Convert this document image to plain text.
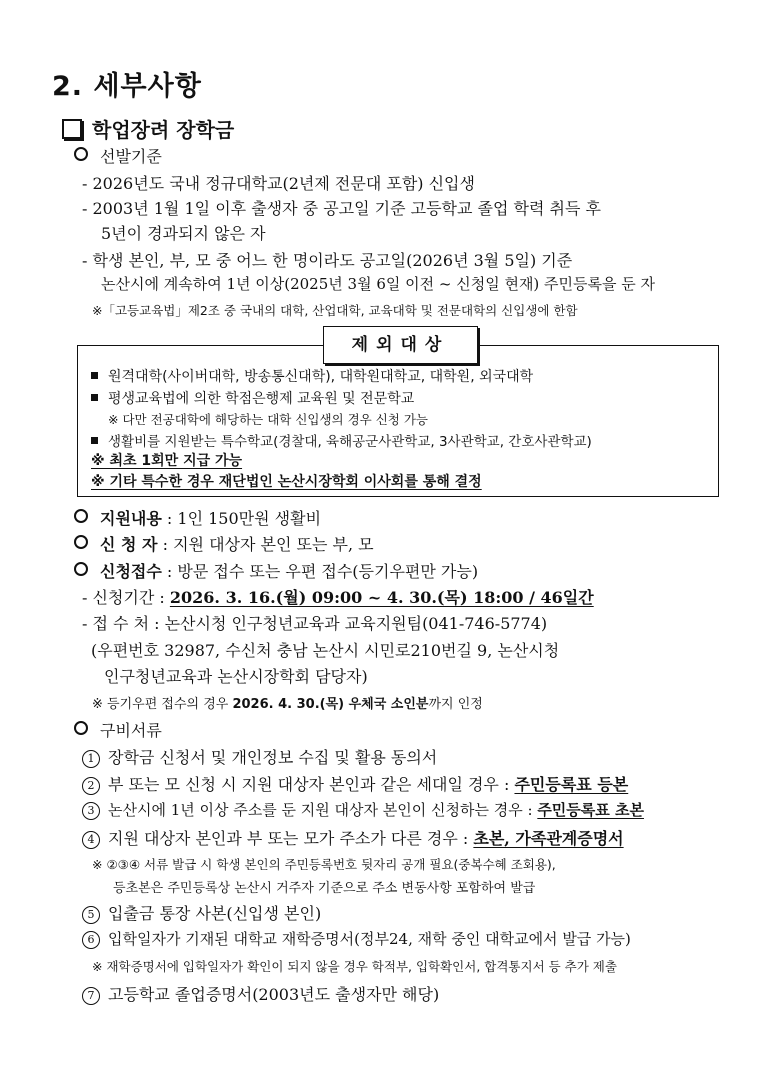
2. 세부사항
학업장려 장학금
선발기준
- 2026년도 국내 정규대학교(2년제 전문대 포함) 신입생
- 2003년 1월 1일 이후 출생자 중 공고일 기준 고등학교 졸업 학력 취득 후
5년이 경과되지 않은 자
- 학생 본인, 부, 모 중 어느 한 명이라도 공고일(2026년 3월 5일) 기준
논산시에 계속하여 1년 이상(2025년 3월 6일 이전 ~ 신청일 현재) 주민등록을 둔 자
※「고등교육법」제2조 중 국내의 대학, 산업대학, 교육대학 및 전문대학의 신입생에 한함
제외대상
원격대학(사이버대학, 방송통신대학), 대학원대학교, 대학원, 외국대학
평생교육법에 의한 학점은행제 교육원 및 전문학교
※ 다만 전공대학에 해당하는 대학 신입생의 경우 신청 가능
생활비를 지원받는 특수학교(경찰대, 육해공군사관학교, 3사관학교, 간호사관학교)
※ 최초 1회만 지급 가능
※ 기타 특수한 경우 재단법인 논산시장학회 이사회를 통해 결정
지원내용 : 1인 150만원 생활비
신 청 자 : 지원 대상자 본인 또는 부, 모
신청접수 : 방문 접수 또는 우편 접수(등기우편만 가능)
- 신청기간 : 2026. 3. 16.(월) 09:00 ~ 4. 30.(목) 18:00 / 46일간
- 접 수 처 : 논산시청 인구청년교육과 교육지원팀(041-746-5774)
(우편번호 32987, 수신처 충남 논산시 시민로210번길 9, 논산시청
인구청년교육과 논산시장학회 담당자)
※ 등기우편 접수의 경우 2026. 4. 30.(목) 우체국 소인분까지 인정
구비서류
1 장학금 신청서 및 개인정보 수집 및 활용 동의서
2 부 또는 모 신청 시 지원 대상자 본인과 같은 세대일 경우 : 주민등록표 등본
3 논산시에 1년 이상 주소를 둔 지원 대상자 본인이 신청하는 경우 : 주민등록표 초본
4 지원 대상자 본인과 부 또는 모가 주소가 다른 경우 : 초본, 가족관계증명서
※ ②③④ 서류 발급 시 학생 본인의 주민등록번호 뒷자리 공개 필요(중복수혜 조회용),
등초본은 주민등록상 논산시 거주자 기준으로 주소 변동사항 포함하여 발급
5 입출금 통장 사본(신입생 본인)
6 입학일자가 기재된 대학교 재학증명서(정부24, 재학 중인 대학교에서 발급 가능)
※ 재학증명서에 입학일자가 확인이 되지 않을 경우 학적부, 입학확인서, 합격통지서 등 추가 제출
7 고등학교 졸업증명서(2003년도 출생자만 해당)
